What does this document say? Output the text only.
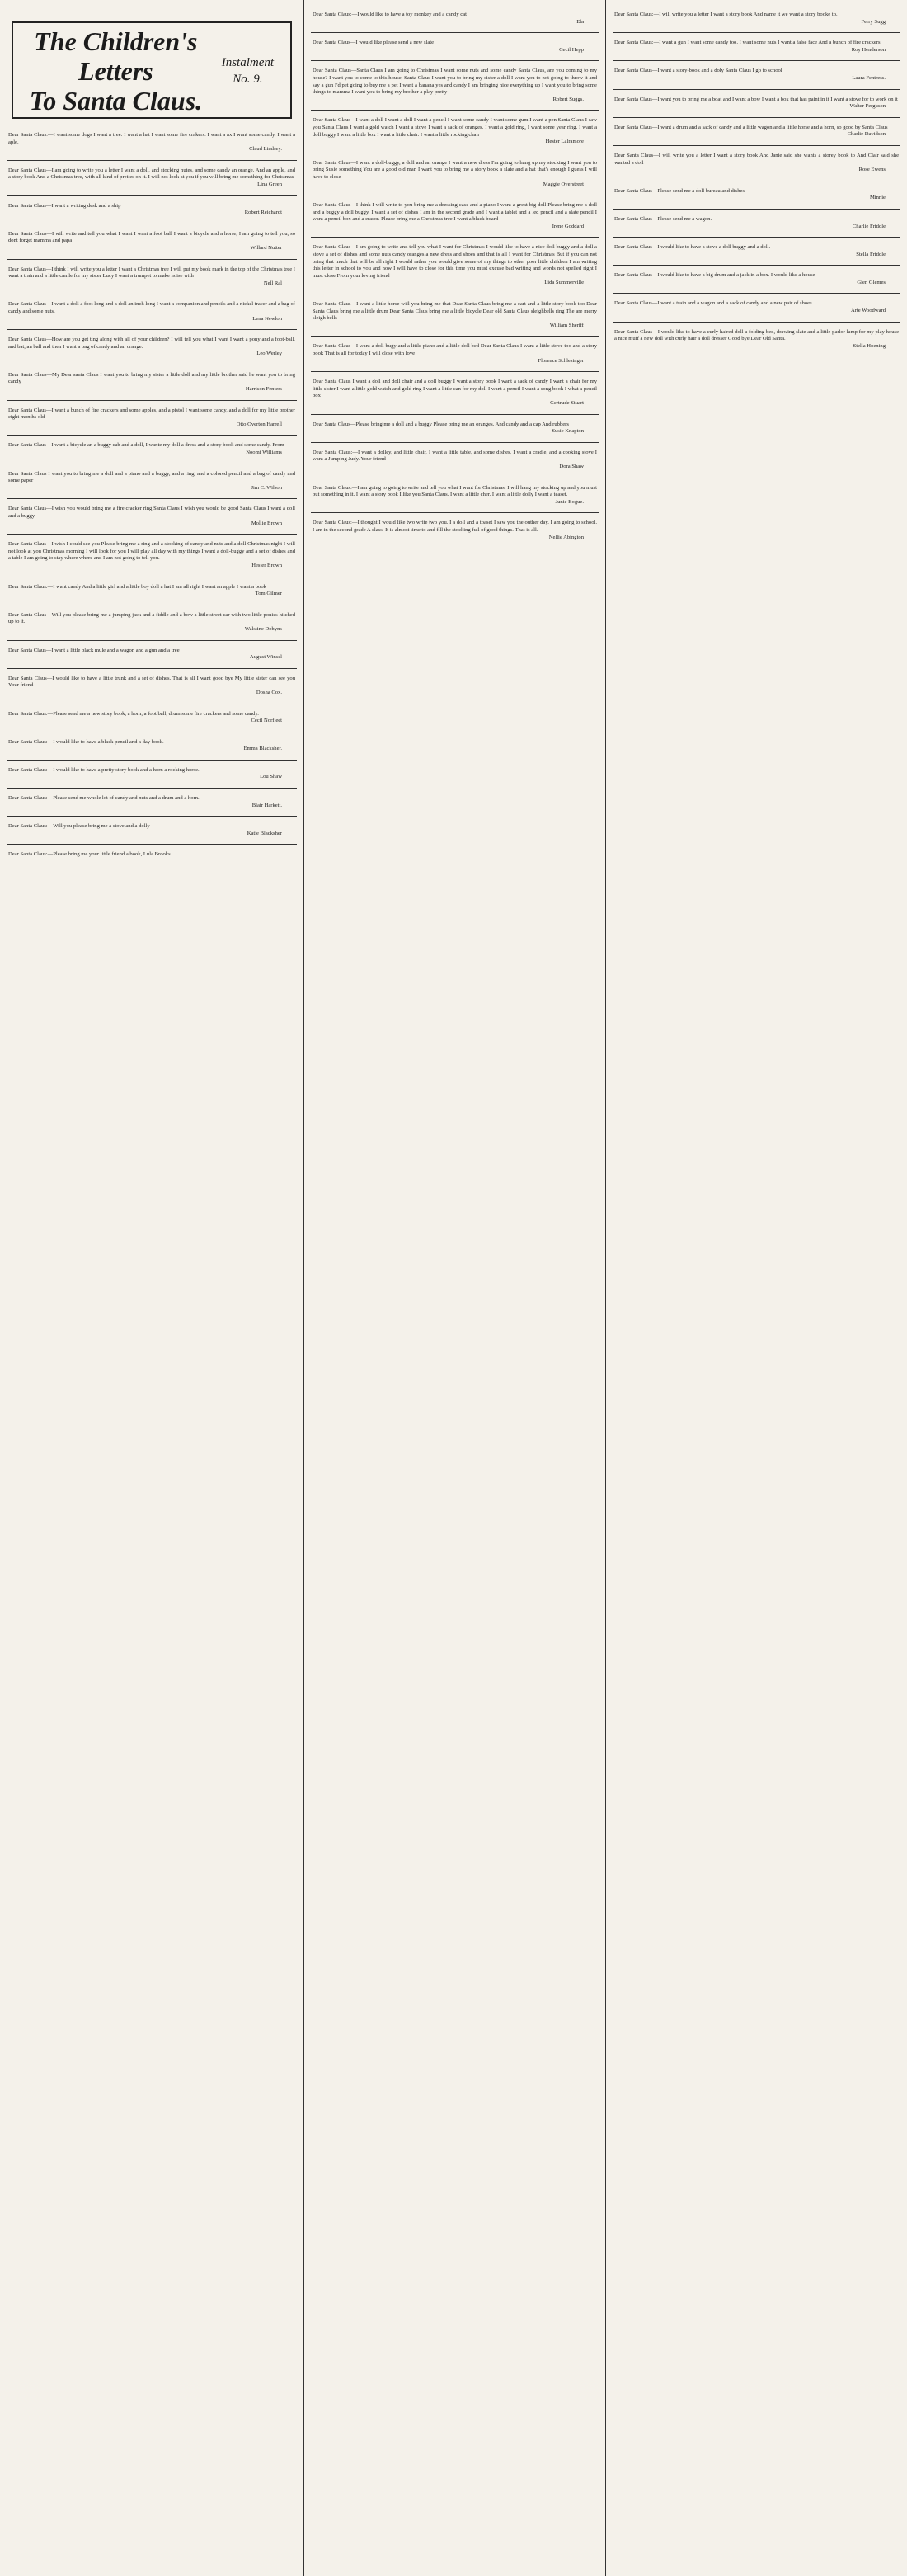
The Children's Letters
To Santa Claus.
Instalment
No. 9.
Dear Santa Claus:—I want some dogs I want a tree. I want a hat I want some fire crakers. I want a ax I want some candy. I want a aple.
Claud Lindsey.
Dear Santa Claus—I am going to write you a letter I want a doll, and stocking nutes, and some candy an orange. And an apple, and a story book And a Christmas tree, with all kind of preties on it. I will not look at you if you will bring me something for Christmas
Lina Green
Dear Santa Claus—I want a writing desk and a ship
Robert Reichardt
Dear Santa Claus—I will write and tell you what I want I want a foot ball I want a bicycle and a horse, I am going to tell you, so dont forget mamma and papa
Willard Nutter
Dear Santa Claus—I think I will write you a letter I want a Christmas tree I will put my book mark in the top of the Christmas tree I want a train and a little camle for my sister Lucy I want a trumpet to make noise with
Nell Ral
Dear Santa Claus—I want a doll a foot long and a doll an inch long I want a companion and pencils and a nickel tracer and a bag of candy and some nuts.
Lena Newlon
Dear Santa Claus—How are you get ting along with all of your children? I will tell you what I want I want a pony and a foot-ball, and bat, an ball and then I want a bag of candy and an orange.
Leo Werley
Dear Santa Claus—My Dear santa Claus I want you to bring my sister a little doll and my little brother said he want you to bring candy
Harrison Fenters
Dear Santa Claus—I want a bunch of fire crackers and some apples, and a pistol I want some candy, and a doll for my little brother eight months old
Otto Overton Harrell
Dear Santa Claus—I want a bicycle an a buggy cab and a doll, I wante my doll a dress and a story book and some candy. From
Noomi Williams
Dear Santa Claus I want you to bring me a doll and a piano and a buggy, and a ring, and a colored pencil and a bag of candy and some paper
Jim C. Wilson
Dear Santa Claus—I wish you would bring me a fire cracker ring Santa Claus I wish you would be good Santa Claus I want a doll and a buggy
Mollie Brown
Dear Santa Claus—I wish I could see you Please bring me a ring and a stocking of candy and nuts and a doll Christmas night I will not look at you Christmas morning I will look for you I will play all day with my things I want a doll-buggy and a set of dishes and a table I am going to stay where where and I am not going to tell you.
Hester Brown
Dear Santa Claus:—I want candy And a little girl and a little boy doll a hat I am all right I want an apple I want a book
Tom Gilmer
Dear Santa Claus—Will you please bring me a jumping jack and a fiddle and a bow a little street car with two little ponies hitched up to it.
Walstine Dobyns
Dear Santa Claus—I want a little black mule and a wagon and a gun and a tree
August Winsel
Dear Santa Claus—I would like to have a little trunk and a set of dishes. That is all I want good bye My little sister can see you Your friend
Dosha Cox.
Dear Santa Claus:—Please send me a new story book, a horn, a foot ball, drum some fire crackers and some candy.
Cecil Norfleet
Dear Santa Claus:—I would like to have a black pencil and a day book.
Emma Blacksher.
Dear Santa Claus:—I would like to have a pretty story book and a horn a rocking horse.
Lou Shaw
Dear Santa Claus:—Please send me whole lot of candy and nuts and a drum and a horn.
Blair Harkett.
Dear Santa Claus:—Will you please bring me a stove and a dolly
Katie Blacksher
Dear Santa Claus:—Please bring me your little friend a book, Lula Brooks
Dear Santa Claus:—I would like to have a toy monkey and a candy cat
Ela
Dear Santa Claus—I would like please send a new slate
Cecil Hepp
Dear Santa Claus—Santa Claus I am going to Christmas I want some nuts and some candy Santa Claus, are you coming to my house? I want you to come to this house, Santa Claus I want you to bring my sister a doll I want you to not going to throw it and say a gun I'd pet going to buy me a pet I want a banana yes and candy I am bringing nice everything up I want you to bring some things to mamma I want you to bring my brother a play pretty
Robert Suggs.
Dear Santa Claus—I want a doll I want a doll I want a pencil I want some candy I want some gum I want a pen Santa Claus I saw you Santa Claus I want a gold watch I want a stove I want a sack of oranges. I want a gold ring, I want some year ring. I want a doll buggy I want a little box I want a little chair. I want a little rocking chair
Hester Lalramore
Dear Santa Claus—I want a doll-buggy, a doll and an orange I want a new dress I'm going to hang up my stocking I want you to bring Susie something You are a good old man I want you to bring me a story book a slate and a hat that's enough I guess I will have to close
Maggie Overstreet
Dear Santa Claus—I think I will write to you bring me a dressing case and a piano I want a great big doll Please bring me a doll and a buggy a doll buggy. I want a set of dishes I am in the second grade and I want a tablet and a led pencil and a slate pencil I want a pencil box and a erasor. Please bring me a Christmas tree I want a black board
Irene Goddard
Dear Santa Claus—I am going to write and tell you what I want for Christmas I would like to have a nice doll buggy and a doll a stove a set of dishes and some nuts candy oranges a new dress and shoes and that is all I want for Christmas But if you can not bring that much that will be all right I would rather you would give some of my things to other poor little children I am writing this letter in school to you and now I will have to close for this time you must excuse bad writing and words not spelled right I must close From your loving friend
Lida Summerville
Dear Santa Claus—I want a little horse will you bring me that Dear Santa Claus bring me a cart and a little story book too Dear Santa Claus bring me a little drum Dear Santa Claus bring me a little bicycle Dear old Santa Claus sleighbells ring The are merry sleigh bells
William Sheriff
Dear Santa Claus—I want a doll bugy and a little piano and a little doll bed Dear Santa Claus I want a little stove too and a story book That is all for today I will close with love
Florence Schlesinger
Dear Santa Claus I want a doll and doll chair and a doll buggy I want a story book I want a sack of candy I want a chair for my little sister I want a little gold watch and gold ring I want a little can for my doll I want a pencil I want a song book I what a pencil box
Gertrude Stuart
Dear Santa Claus—Please bring me a doll and a buggy Please bring me an oranges. And candy and a cap And rubbers
Susie Knapton
Dear Santa Claus:—I want a dolley, and little chair, I want a little table, and some dishes, I want a cradle, and a cooking stove I want a Jumping Judy. Your friend
Dora Shaw
Dear Santa Claus:—I am going to going to write and tell you what I want for Christmas. I will hang my stocking up and you must put something in it. I want a story book I like you Santa Claus. I want a little cher. I want a little dolly I want a teaset.
Junie Bogue.
Dear Santa Claus:—I thought I would like two write two you. I a doll and a toaset I saw you the outher day. I am going to school. I am in the second grade A class. It is almost time to and fill the stocking full of good things. That is all.
Nellie Abington
Dear Santa Claus:—I will write you a letter I want a story book And name it we want a story booke to.
Ferry Sugg
Dear Santa Claus:—I want a gun I want some candy too. I want some nuts I want a false face And a bunch of fire crackers
Roy Henderson
Dear Santa Claus—I want a story-book and a doly Santa Claus I go to school
Laura Fentress.
Dear Santa Claus—I want you to bring me a boat and I want a bow I want a box that has paint in it I want a stove for to work on it
Walter Ferguson
Dear Santa Claus—I want a drum and a sack of candy and a little wagon and a little horse and a horn, so good by Santa Claus
Charlie Davidson
Dear Santa Claus—I will write you a letter I want a story book And Janie said she wants a storey book to And Clair said she wanted a doll
Rose Ewens
Dear Santa Claus—Please send me a doll bureau and dishes
Minnie
Dear Santa Claus—Please send me a wagon.
Charlie Friddle
Dear Santa Claus—I would like to have a stove a doll buggy and a doll.
Stella Friddle
Dear Santa Claus—I would like to have a big drum and a jack in a box. I would like a house
Glen Glemes
Dear Santa Claus—I want a train and a wagon and a sack of candy and a new pair of shoes
Arte Woodward
Dear Santa Claus—I would like to have a curly haired doll a folding bed, drawing slate and a little parlor lamp for my play house a nice muff a new doll with curly hair a doll dresser Good bye Dear Old Santa.
Stella Hoening
